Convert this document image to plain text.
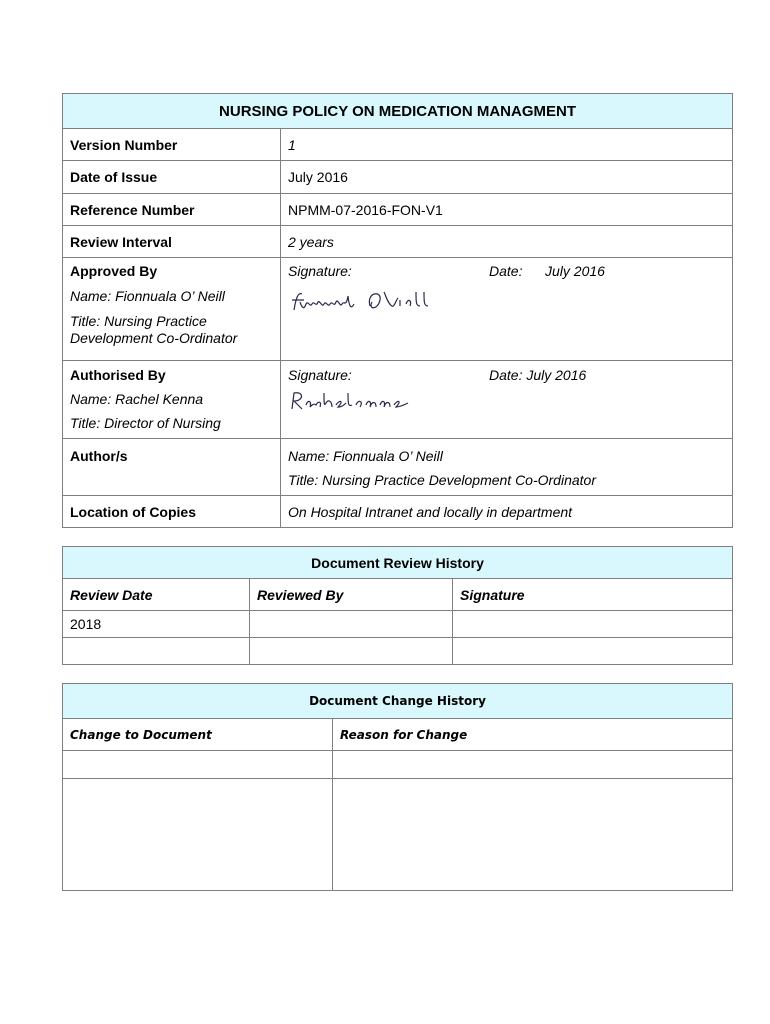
NURSING POLICY ON MEDICATION MANAGMENT	
Version Number	1
Date of Issue	July 2016
Reference Number	NPMM-07-2016-FON-V1
Review Interval	2 years

Approved By
Name: Fionnuala O’ Neill
Title: Nursing Practice Development Co-Ordinator	Signature: Date: July 2016

Authorised By
Name: Rachel Kenna
Title: Director of Nursing	Signature: Date: July 2016

Author/s	Name: Fionnuala O’ Neill
Title: Nursing Practice Development Co-Ordinator

Location of Copies	On Hospital Intranet and locally in department
Document Review History		
Review Date	Reviewed By	Signature
2018		

Document Change History	
Change to Document	Reason for Change
